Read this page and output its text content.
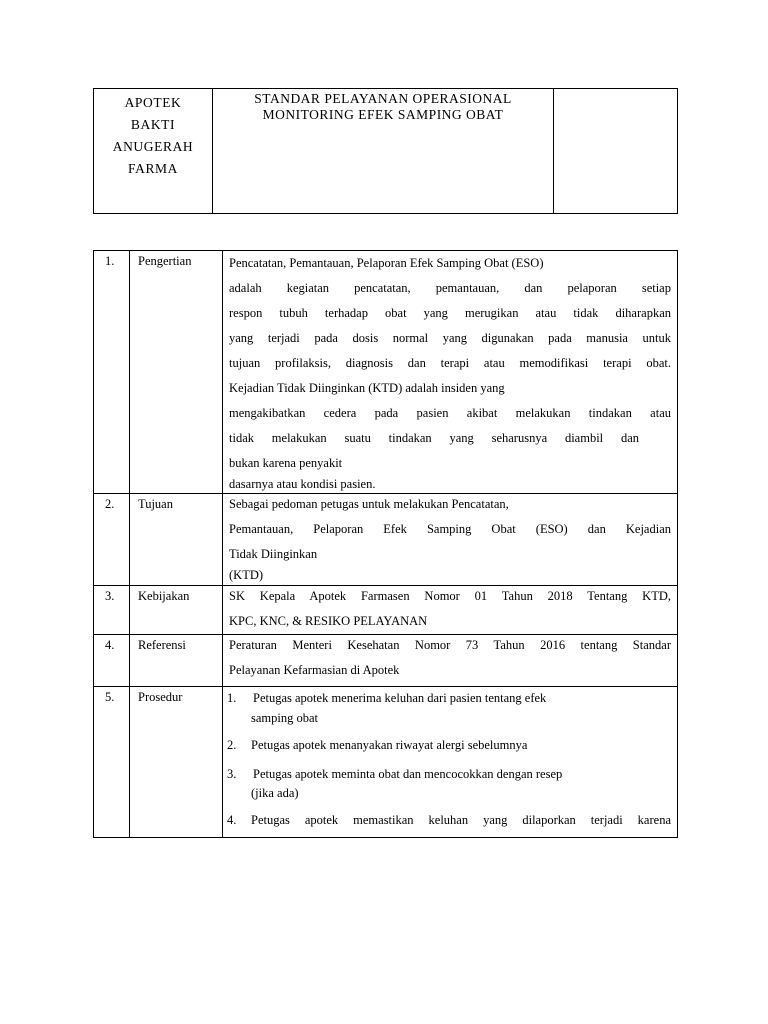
APOTEK
BAKTI
ANUGERAH
FARMA
STANDAR PELAYANAN OPERASIONAL
MONITORING EFEK SAMPING OBAT
1.	Pengertian	Pencatatan, Pemantauan, Pelaporan Efek Samping Obat (ESO)
adalah kegiatan pencatatan, pemantauan, dan pelaporan setiap
respon tubuh terhadap obat yang merugikan atau tidak diharapkan
yang terjadi pada dosis normal yang digunakan pada manusia untuk
tujuan profilaksis, diagnosis dan terapi atau memodifikasi terapi obat.
Kejadian Tidak Diinginkan (KTD) adalah insiden yang
mengakibatkan cedera pada pasien akibat melakukan tindakan atau
tidak melakukan suatu tindakan yang seharusnya diambil dan
bukan karena penyakit
dasarnya atau kondisi pasien.
2.	Tujuan	Sebagai pedoman petugas untuk melakukan Pencatatan,
Pemantauan, Pelaporan Efek Samping Obat (ESO) dan Kejadian
Tidak Diinginkan
(KTD)
3.	Kebijakan	SK Kepala Apotek Farmasen Nomor 01 Tahun 2018 Tentang KTD,
KPC, KNC, & RESIKO PELAYANAN
4.	Referensi	Peraturan Menteri Kesehatan Nomor 73 Tahun 2016 tentang Standar
Pelayanan Kefarmasian di Apotek
5.	Prosedur	1. Petugas apotek menerima keluhan dari pasien tentang efek
samping obat
2. Petugas apotek menanyakan riwayat alergi sebelumnya
3. Petugas apotek meminta obat dan mencocokkan dengan resep
(jika ada)
4. Petugas apotek memastikan keluhan yang dilaporkan terjadi karena
